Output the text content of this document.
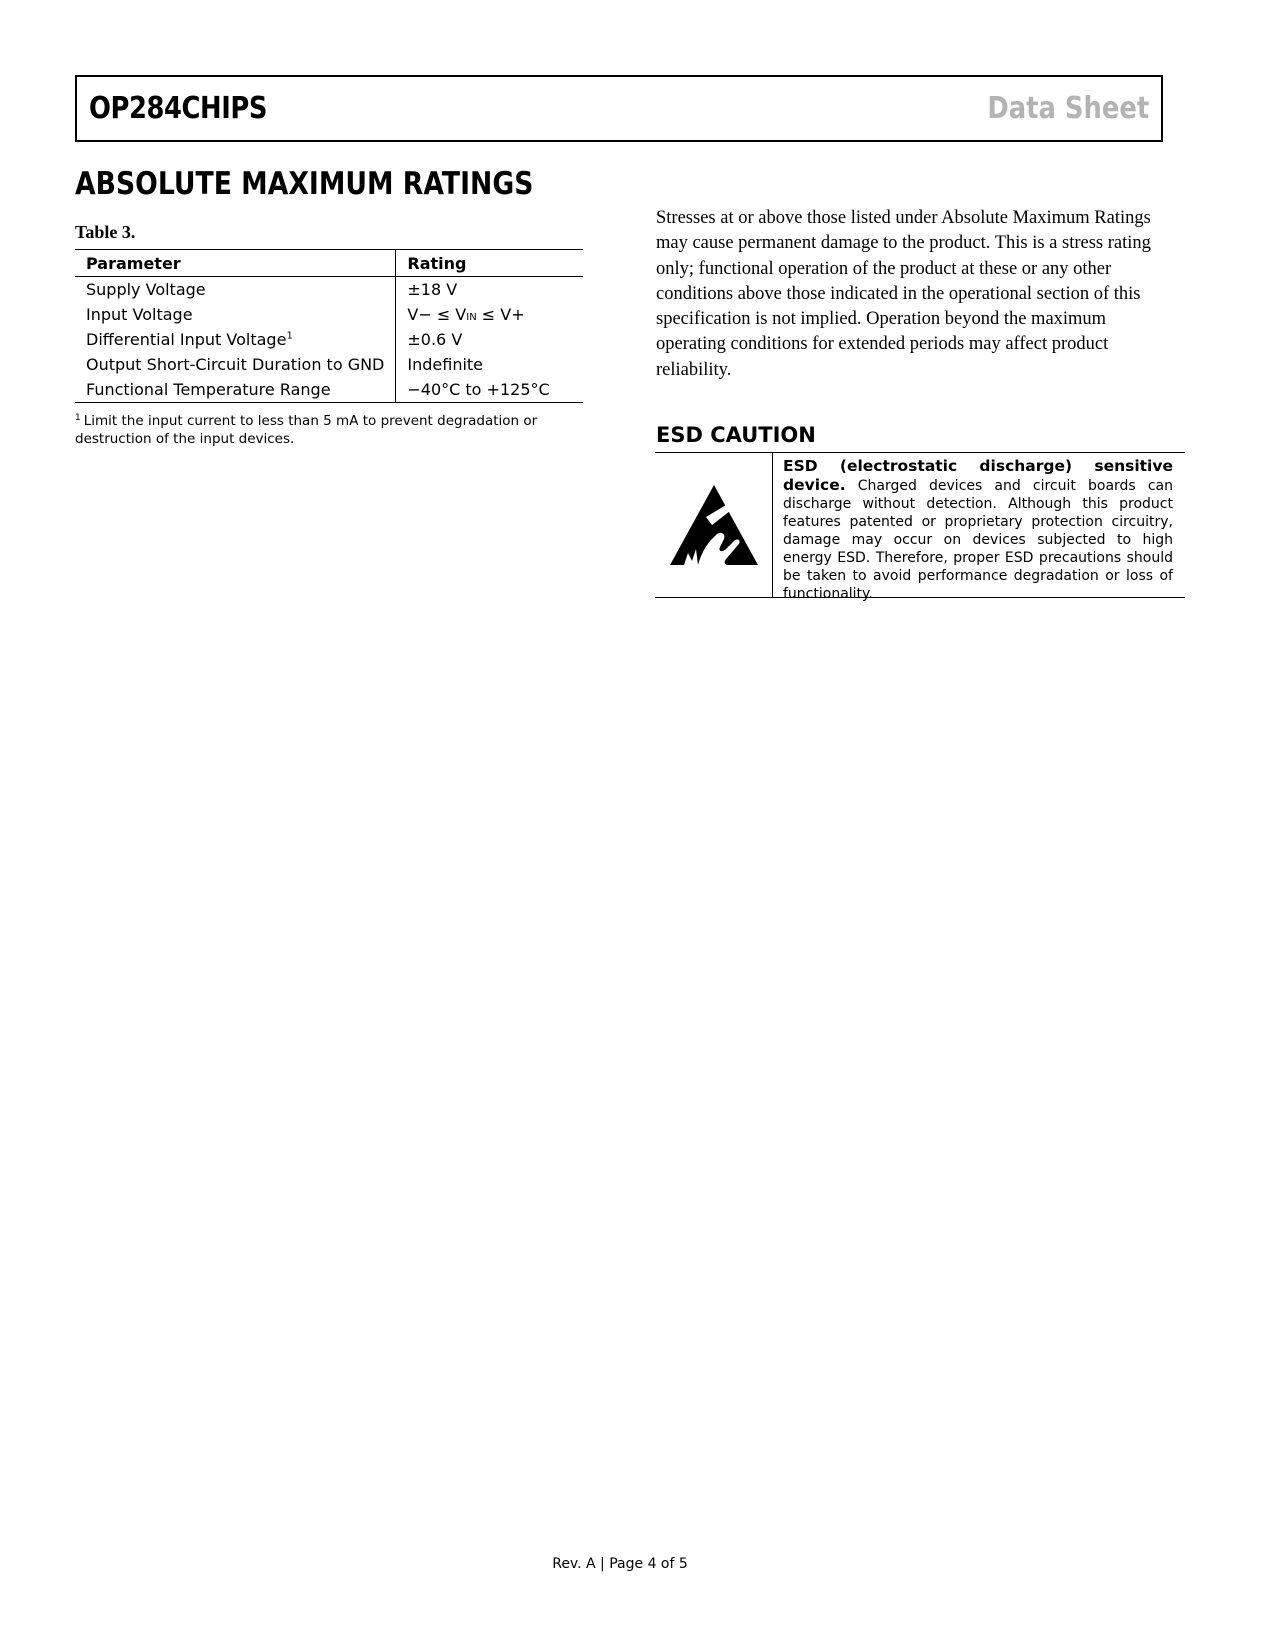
OP284CHIPS	Data Sheet
ABSOLUTE MAXIMUM RATINGS
Table 3.
Parameter	Rating
Supply Voltage	±18 V
Input Voltage	V− ≤ VIN ≤ V+
Differential Input Voltage$^1$	±0.6 V
Output Short-Circuit Duration to GND	Indefinite
Functional Temperature Range	−40°C to +125°C
$^1$ Limit the input current to less than 5 mA to prevent degradation or destruction of the input devices.
Stresses at or above those listed under Absolute Maximum Ratings may cause permanent damage to the product. This is a stress rating only; functional operation of the product at these or any other conditions above those indicated in the operational section of this specification is not implied. Operation beyond the maximum operating conditions for extended periods may affect product reliability.
ESD CAUTION
ESD (electrostatic discharge) sensitive device. Charged devices and circuit boards can discharge without detection. Although this product features patented or proprietary protection circuitry, damage may occur on devices subjected to high energy ESD. Therefore, proper ESD precautions should be taken to avoid performance degradation or loss of functionality.
Rev. A | Page 4 of 5
